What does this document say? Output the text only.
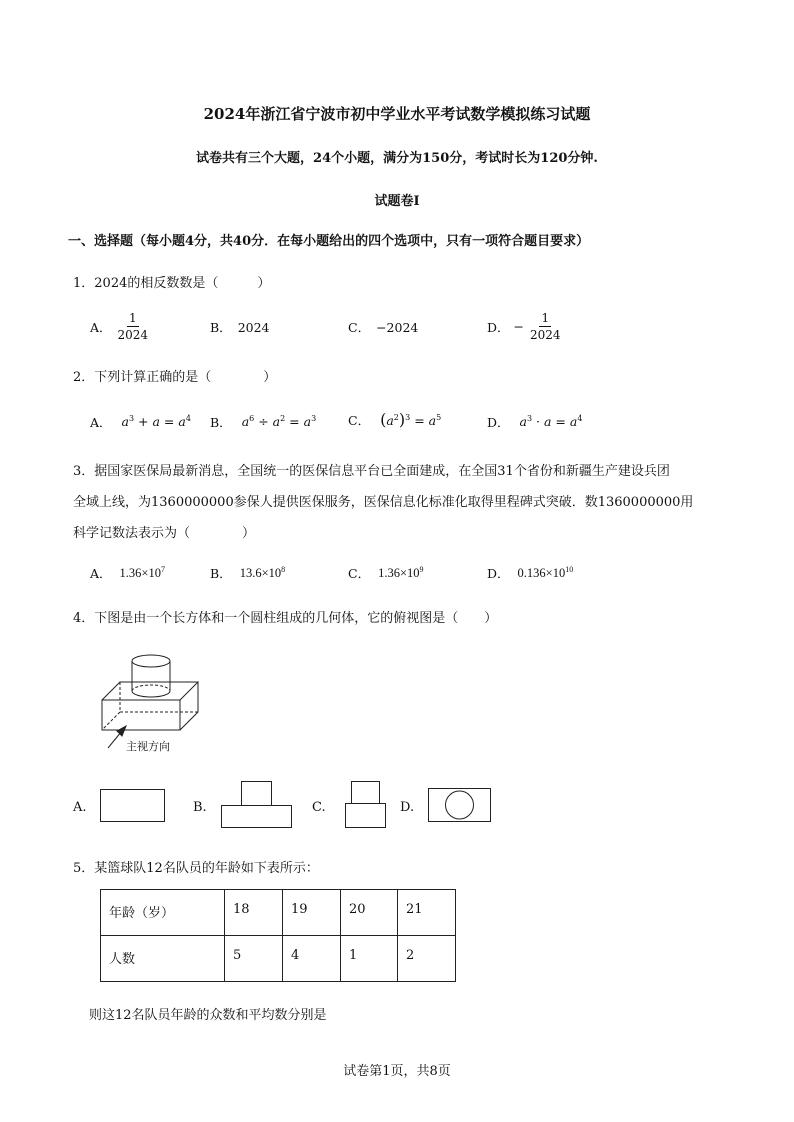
2024年浙江省宁波市初中学业水平考试数学模拟练习试题
试卷共有三个大题，24个小题，满分为150分，考试时长为120分钟.
试题卷Ⅰ
一、选择题（每小题4分，共40分．在每小题给出的四个选项中，只有一项符合题目要求）
1．2024的相反数数是（　　　）
A． $\frac{1}{2024}$	B． 2024	C． −2024	D． − $\frac{1}{2024}$
2．下列计算正确的是（　　　　）
A． $a^3 + a = a^4$ B． $a^6 \div a^2 = a^3$	C． $(a^2)^3 = a^5$	D． $a^3 \cdot a = a^4$
3．据国家医保局最新消息，全国统一的医保信息平台已全面建成，在全国31个省份和新疆生产建设兵团
全域上线，为1360000000参保人提供医保服务，医保信息化标准化取得里程碑式突破．数1360000000用
科学记数法表示为（　　　　）
A． $1.36\times 10^7$	B． $13.6\times 10^8$	C． $1.36\times 10^9$	D． $0.136\times 10^{10}$
4．下图是由一个长方体和一个圆柱组成的几何体，它的俯视图是（　　）
主视方向
A.	B.	C.	D.
5．某篮球队12名队员的年龄如下表所示：
年龄（岁）	18	19	20	21
人数	5	4	1	2
则这12名队员年龄的众数和平均数分别是
试卷第1页，共8页
